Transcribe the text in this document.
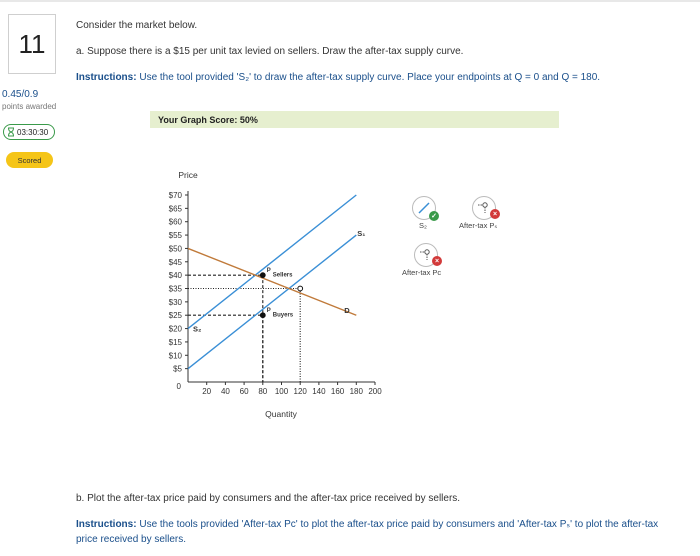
11
0.45/0.9
points awarded
03:30:30
Scored
Consider the market below.
a. Suppose there is a $15 per unit tax levied on sellers. Draw the after-tax supply curve.
Instructions: Use the tool provided 'S₂' to draw the after-tax supply curve. Place your endpoints at Q = 0 and Q = 180.
Your Graph Score: 50%
Price
Quantity
$5
$10
$15
$20
$25
$30
$35
$40
$45
$50
$55
$60
$65
$70
0
20 40 60 80 100 120 140 160 180 200
S₁
S₂
D
P
P
Sellers
Buyers
✓
S₂
×
After-tax Pₛ
×
After-tax Pᴄ
b. Plot the after-tax price paid by consumers and the after-tax price received by sellers.
Instructions: Use the tools provided 'After-tax Pᴄ' to plot the after-tax price paid by consumers and 'After-tax Pₛ' to plot the after-tax
price received by sellers.
